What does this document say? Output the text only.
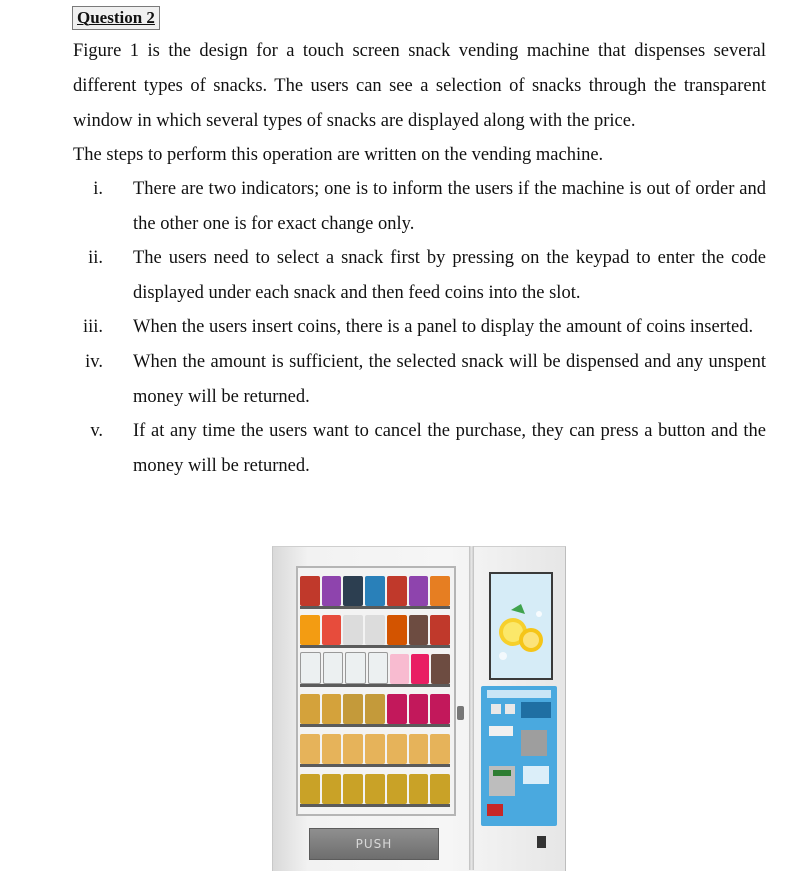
Question 2
Figure 1 is the design for a touch screen snack vending machine that dispenses several different types of snacks. The users can see a selection of snacks through the transparent window in which several types of snacks are displayed along with the price.
The steps to perform this operation are written on the vending machine.
i. There are two indicators; one is to inform the users if the machine is out of order and the other one is for exact change only.
ii. The users need to select a snack first by pressing on the keypad to enter the code displayed under each snack and then feed coins into the slot.
iii. When the users insert coins, there is a panel to display the amount of coins inserted.
iv. When the amount is sufficient, the selected snack will be dispensed and any unspent money will be returned.
v. If at any time the users want to cancel the purchase, they can press a button and the money will be returned.
PUSH
